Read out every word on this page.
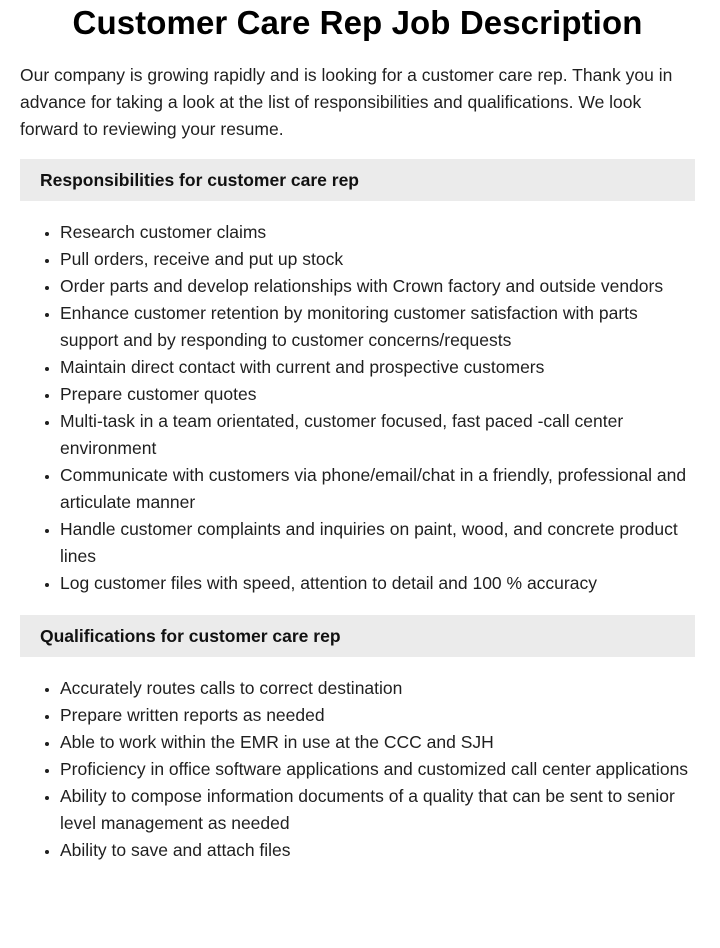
Customer Care Rep Job Description

Our company is growing rapidly and is looking for a customer care rep. Thank you in advance for taking a look at the list of responsibilities and qualifications. We look forward to reviewing your resume.

Responsibilities for customer care rep
• Research customer claims
• Pull orders, receive and put up stock
• Order parts and develop relationships with Crown factory and outside vendors
• Enhance customer retention by monitoring customer satisfaction with parts support and by responding to customer concerns/requests
• Maintain direct contact with current and prospective customers
• Prepare customer quotes
• Multi-task in a team orientated, customer focused, fast paced -call center environment
• Communicate with customers via phone/email/chat in a friendly, professional and articulate manner
• Handle customer complaints and inquiries on paint, wood, and concrete product lines
• Log customer files with speed, attention to detail and 100 % accuracy
Qualifications for customer care rep
• Accurately routes calls to correct destination
• Prepare written reports as needed
• Able to work within the EMR in use at the CCC and SJH
• Proficiency in office software applications and customized call center applications
• Ability to compose information documents of a quality that can be sent to senior level management as needed
• Ability to save and attach files
